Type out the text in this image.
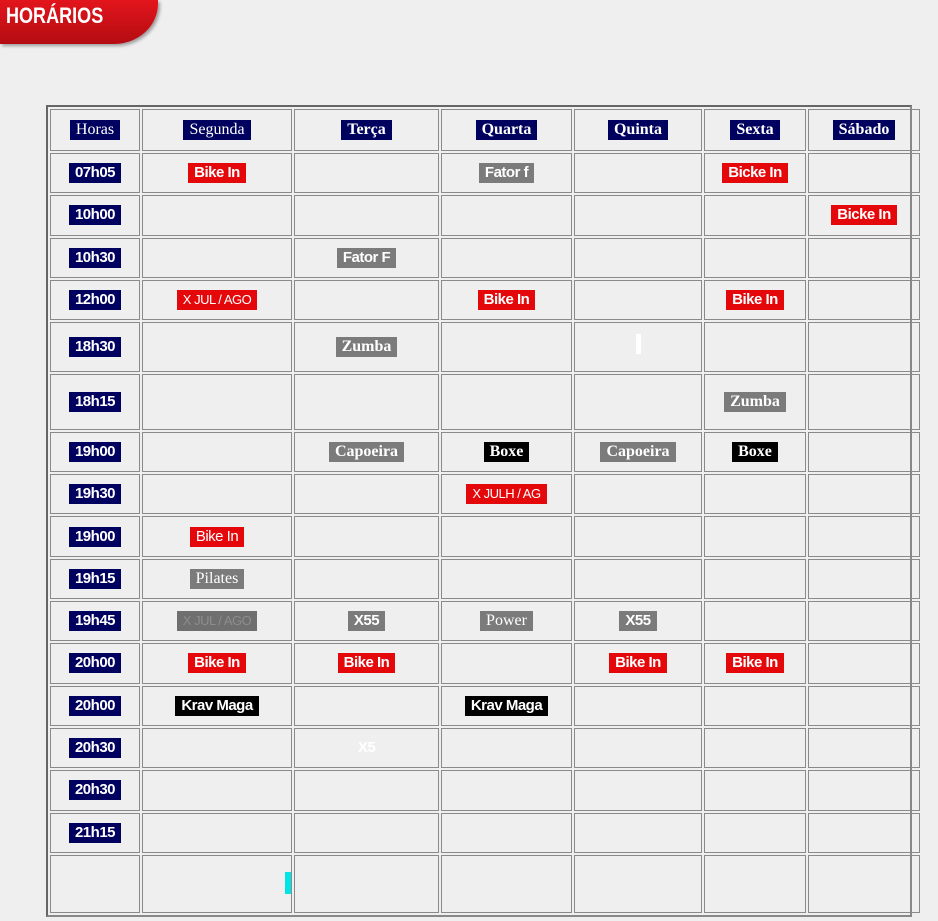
HORÁRIOS
Horas	Segunda	Terça	Quarta	Quinta	Sexta	Sábado
07h05	Bike In		Fator f		Bicke In	
10h00						Bicke In
10h30		Fator F				
12h00	X JUL / AGO		Bike In		Bike In	
18h30		Zumba				
18h15					Zumba	
19h00		Capoeira	Boxe	Capoeira	Boxe	
19h30			X JULH / AG			
19h00	Bike In					
19h15	Pilates					
19h45	X JUL / AGO	X55	Power	X55		
20h00	Bike In	Bike In		Bike In	Bike In	
20h00	Krav Maga		Krav Maga			
20h30		X5				
20h30						
21h15						
